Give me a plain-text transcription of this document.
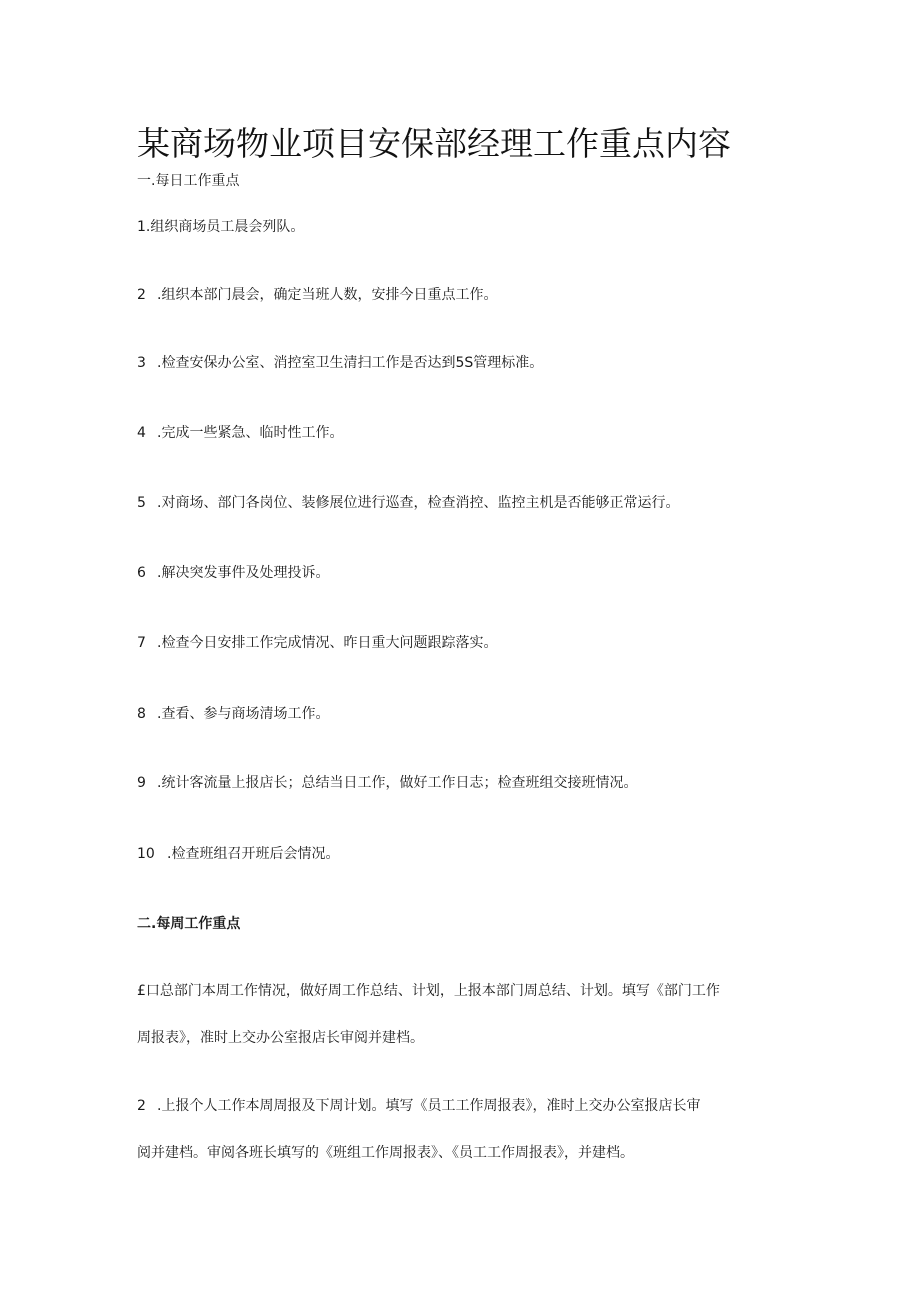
某商场物业项目安保部经理工作重点内容

一.每日工作重点

1.组织商场员工晨会列队。

2 .组织本部门晨会，确定当班人数，安排今日重点工作。

3 .检查安保办公室、消控室卫生清扫工作是否达到5S管理标准。

4 .完成一些紧急、临时性工作。

5 .对商场、部门各岗位、装修展位进行巡查，检查消控、监控主机是否能够正常运行。

6 .解决突发事件及处理投诉。

7 .检查今日安排工作完成情况、昨日重大问题跟踪落实。

8 .查看、参与商场清场工作。

9 .统计客流量上报店长；总结当日工作，做好工作日志；检查班组交接班情况。

10 .检查班组召开班后会情况。

二.每周工作重点

£口总部门本周工作情况，做好周工作总结、计划，上报本部门周总结、计划。填写《部门工作

周报表》，准时上交办公室报店长审阅并建档。

2 .上报个人工作本周周报及下周计划。填写《员工工作周报表》，准时上交办公室报店长审

阅并建档。审阅各班长填写的《班组工作周报表》、《员工工作周报表》，并建档。
